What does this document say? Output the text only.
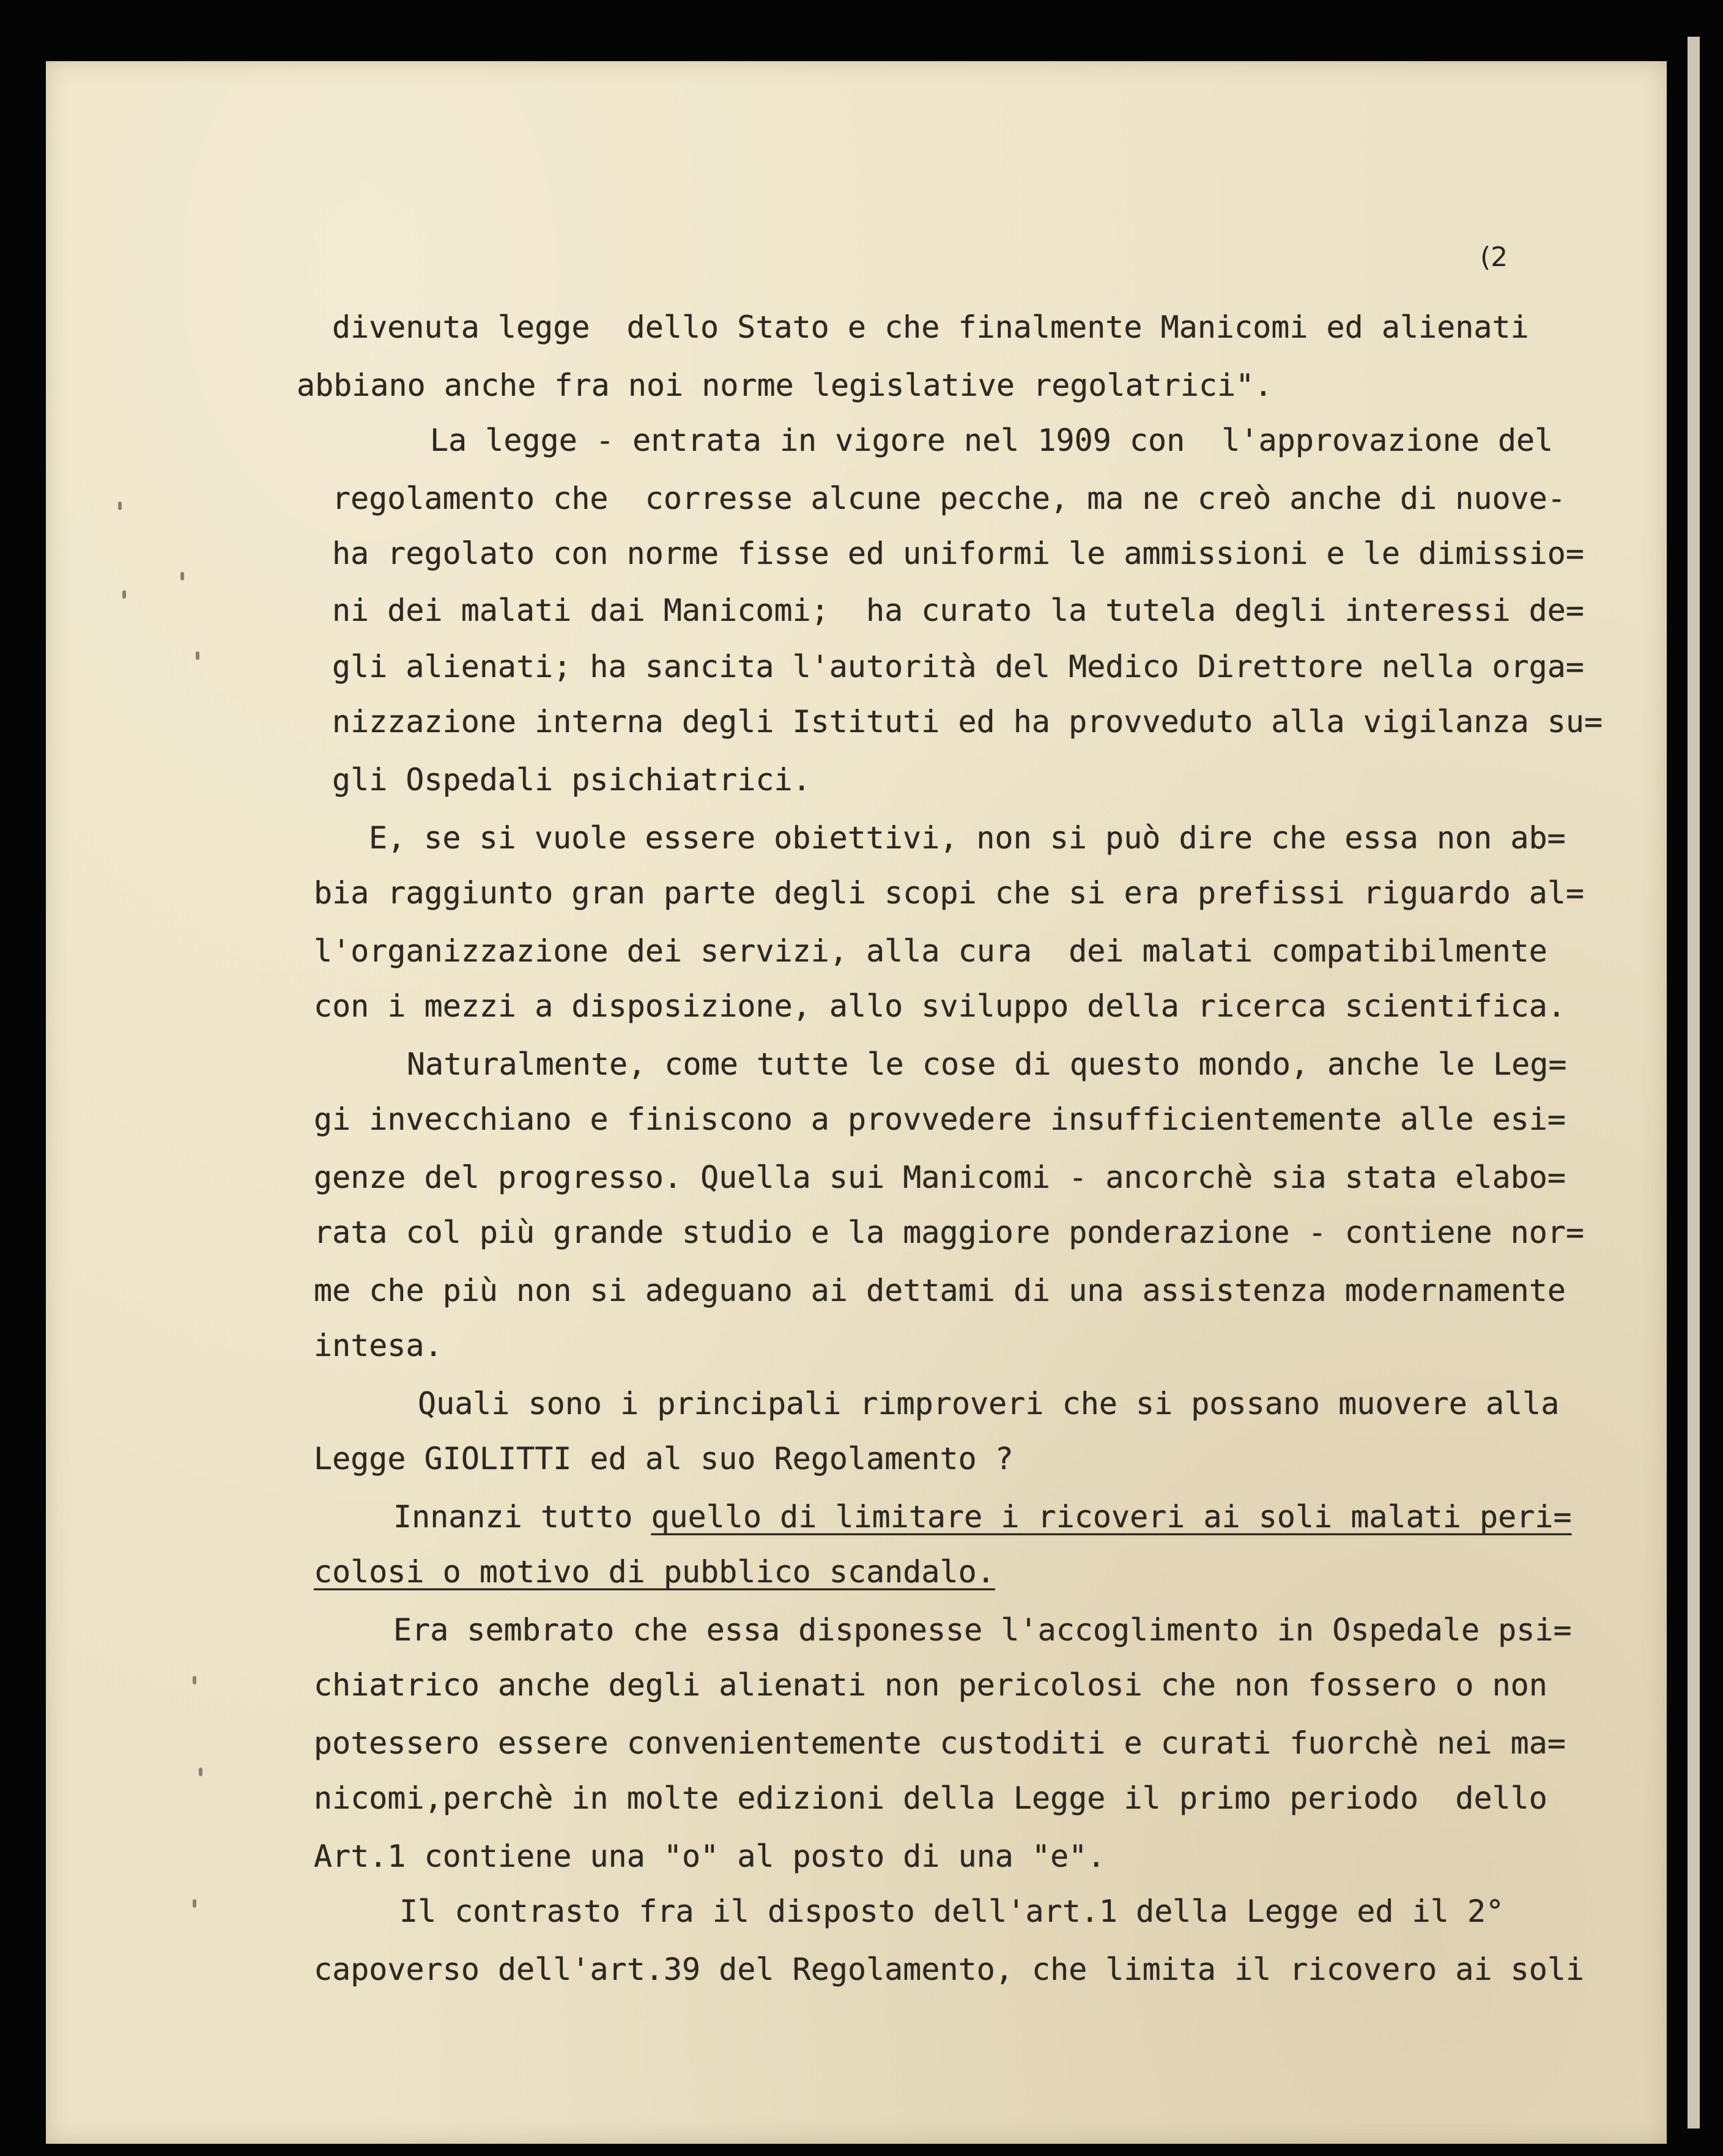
(2
divenuta legge  dello Stato e che finalmente Manicomi ed alienati
abbiano anche fra noi norme legislative regolatrici".
La legge - entrata in vigore nel 1909 con  l'approvazione del
regolamento che  corresse alcune pecche, ma ne creò anche di nuove-
ha regolato con norme fisse ed uniformi le ammissioni e le dimissio=
ni dei malati dai Manicomi;  ha curato la tutela degli interessi de=
gli alienati; ha sancita l'autorità del Medico Direttore nella orga=
nizzazione interna degli Istituti ed ha provveduto alla vigilanza su=
gli Ospedali psichiatrici.
E, se si vuole essere obiettivi, non si può dire che essa non ab=
bia raggiunto gran parte degli scopi che si era prefissi riguardo al=
l'organizzazione dei servizi, alla cura  dei malati compatibilmente
con i mezzi a disposizione, allo sviluppo della ricerca scientifica.
Naturalmente, come tutte le cose di questo mondo, anche le Leg=
gi invecchiano e finiscono a provvedere insufficientemente alle esi=
genze del progresso. Quella sui Manicomi - ancorchè sia stata elabo=
rata col più grande studio e la maggiore ponderazione - contiene nor=
me che più non si adeguano ai dettami di una assistenza modernamente
intesa.
Quali sono i principali rimproveri che si possano muovere alla
Legge GIOLITTI ed al suo Regolamento ?
Innanzi tutto quello di limitare i ricoveri ai soli malati peri=
colosi o motivo di pubblico scandalo.
Era sembrato che essa disponesse l'accoglimento in Ospedale psi=
chiatrico anche degli alienati non pericolosi che non fossero o non
potessero essere convenientemente custoditi e curati fuorchè nei ma=
nicomi,perchè in molte edizioni della Legge il primo periodo  dello
Art.1 contiene una "o" al posto di una "e".
Il contrasto fra il disposto dell'art.1 della Legge ed il 2°
capoverso dell'art.39 del Regolamento, che limita il ricovero ai soli
